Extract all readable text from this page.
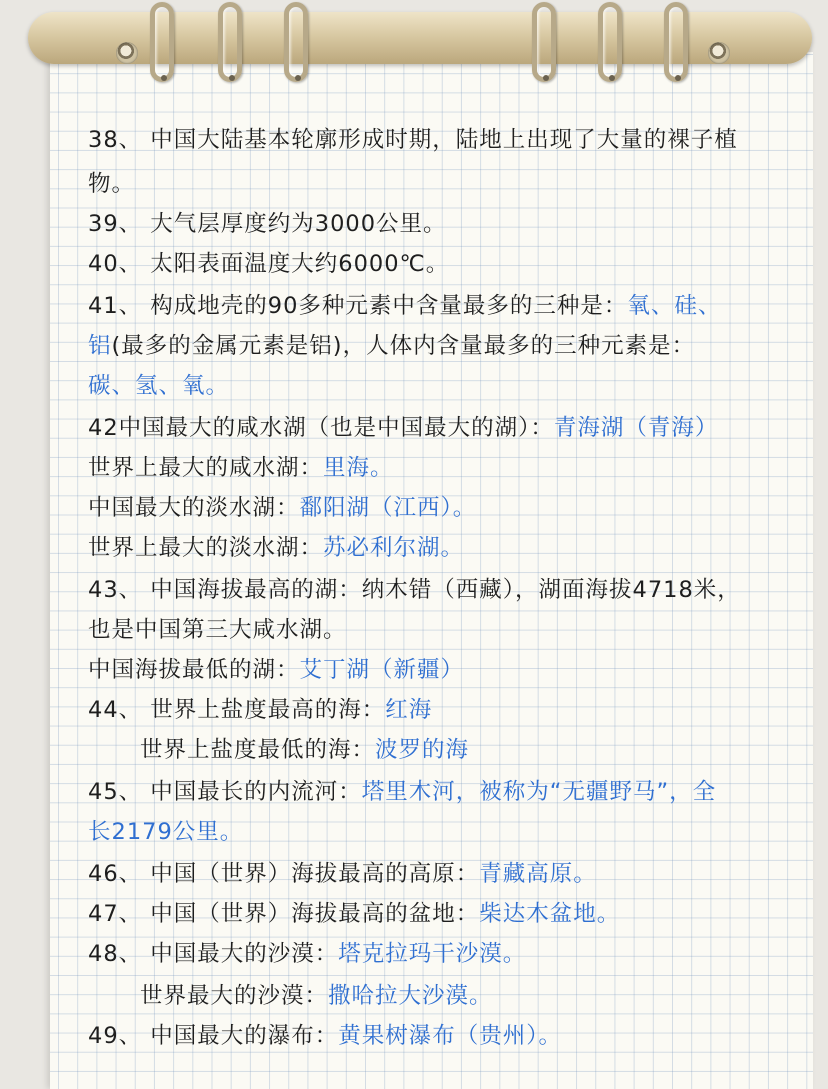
38、 中国大陆基本轮廓形成时期，陆地上出现了大量的裸子植
物。
39、 大气层厚度约为3000公里。
40、 太阳表面温度大约6000℃。
41、 构成地壳的90多种元素中含量最多的三种是：氧、硅、
铝(最多的金属元素是铝)，人体内含量最多的三种元素是：
碳、氢、氧。
42中国最大的咸水湖（也是中国最大的湖）：青海湖（青海）
世界上最大的咸水湖：里海。
中国最大的淡水湖：鄱阳湖（江西）。
世界上最大的淡水湖：苏必利尔湖。
43、 中国海拔最高的湖：纳木错（西藏），湖面海拔4718米，
也是中国第三大咸水湖。
中国海拔最低的湖：艾丁湖（新疆）
44、 世界上盐度最高的海：红海
世界上盐度最低的海：波罗的海
45、 中国最长的内流河：塔里木河，被称为“无疆野马”，全
长2179公里。
46、 中国（世界）海拔最高的高原：青藏高原。
47、 中国（世界）海拔最高的盆地：柴达木盆地。
48、 中国最大的沙漠：塔克拉玛干沙漠。
世界最大的沙漠：撒哈拉大沙漠。
49、 中国最大的瀑布：黄果树瀑布（贵州）。
